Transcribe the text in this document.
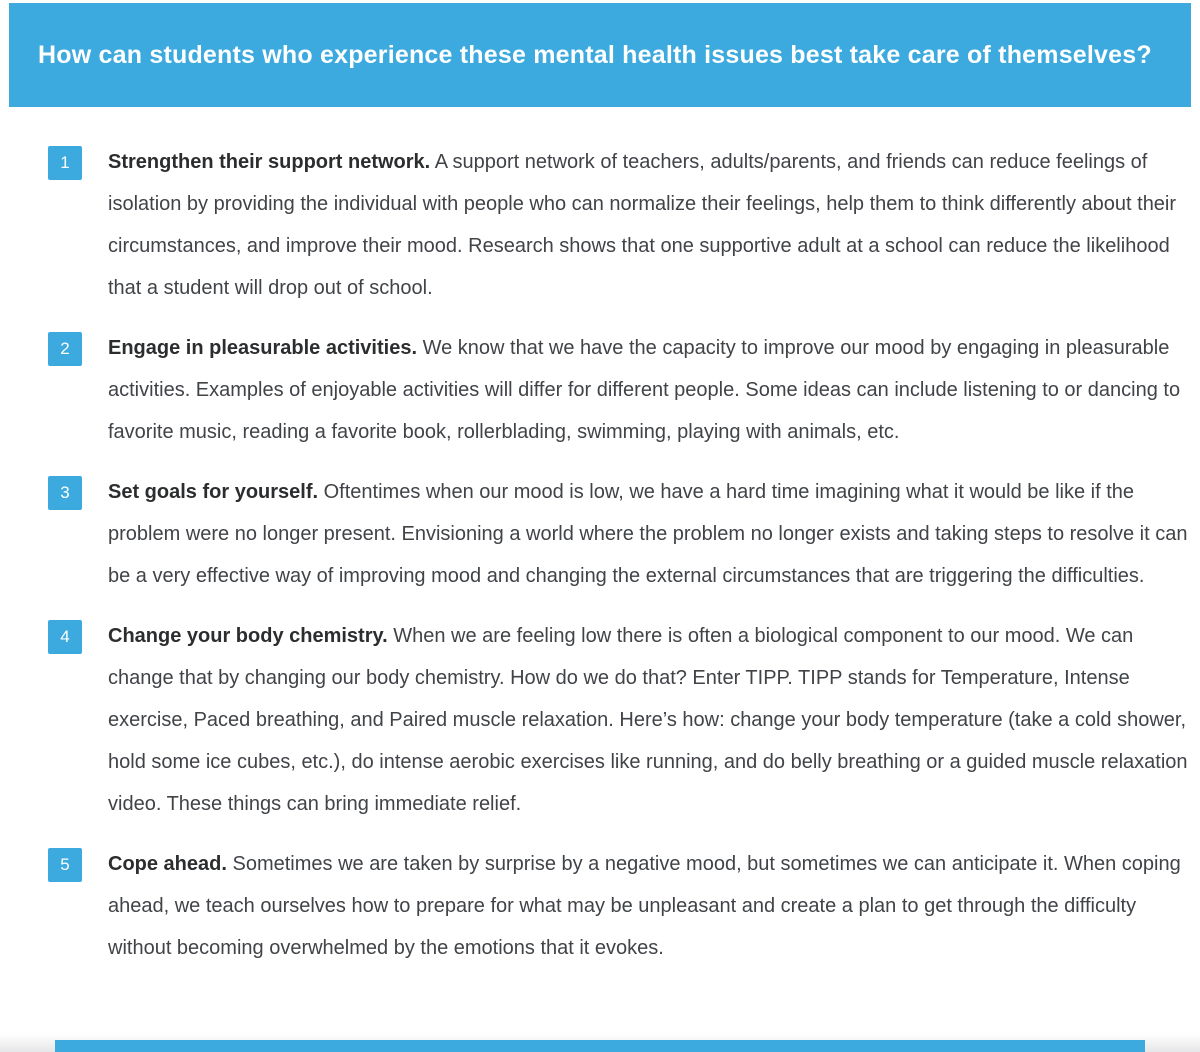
How can students who experience these mental health issues best take care of themselves?
1	Strengthen their support network. A support network of teachers, adults/parents, and friends can reduce feelings of isolation by providing the individual with people who can normalize their feelings, help them to think differently about their circumstances, and improve their mood. Research shows that one supportive adult at a school can reduce the likelihood that a student will drop out of school.

2	Engage in pleasurable activities. We know that we have the capacity to improve our mood by engaging in pleasurable activities. Examples of enjoyable activities will differ for different people. Some ideas can include listening to or dancing to favorite music, reading a favorite book, rollerblading, swimming, playing with animals, etc.

3	Set goals for yourself. Oftentimes when our mood is low, we have a hard time imagining what it would be like if the problem were no longer present. Envisioning a world where the problem no longer exists and taking steps to resolve it can be a very effective way of improving mood and changing the external circumstances that are triggering the difficulties.

4	Change your body chemistry. When we are feeling low there is often a biological component to our mood. We can change that by changing our body chemistry. How do we do that? Enter TIPP. TIPP stands for Temperature, Intense exercise, Paced breathing, and Paired muscle relaxation. Here’s how: change your body temperature (take a cold shower, hold some ice cubes, etc.), do intense aerobic exercises like running, and do belly breathing or a guided muscle relaxation video. These things can bring immediate relief.

5	Cope ahead. Sometimes we are taken by surprise by a negative mood, but sometimes we can anticipate it. When coping ahead, we teach ourselves how to prepare for what may be unpleasant and create a plan to get through the difficulty without becoming overwhelmed by the emotions that it evokes.
